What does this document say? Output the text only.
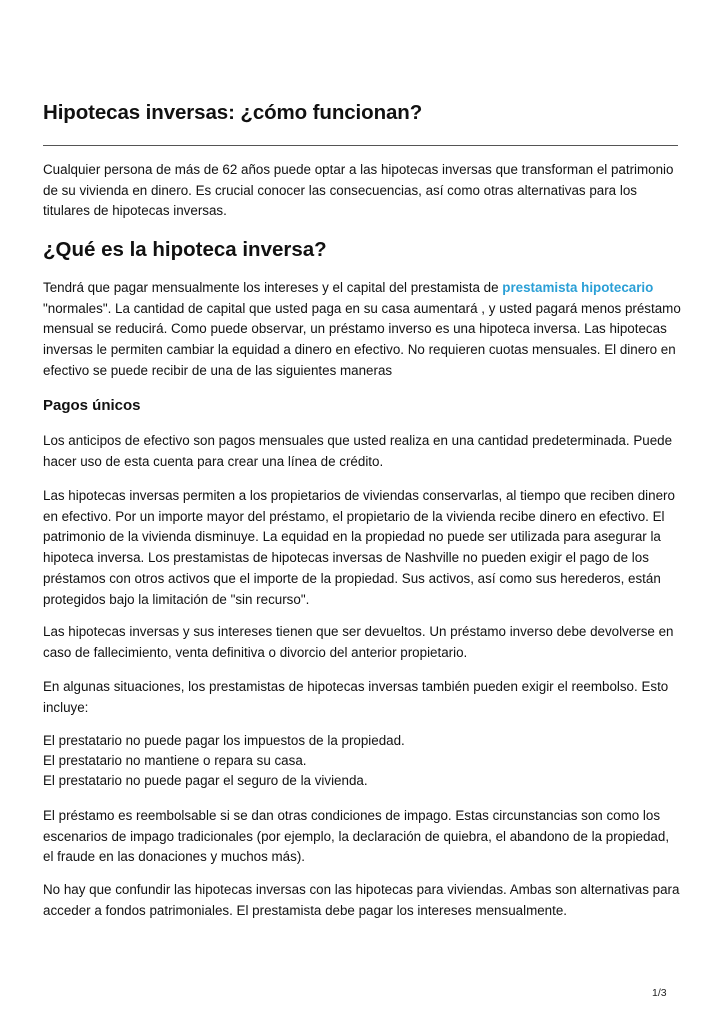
Hipotecas inversas: ¿cómo funcionan?

Cualquier persona de más de 62 años puede optar a las hipotecas inversas que transforman el patrimonio de su vivienda en dinero. Es crucial conocer las consecuencias, así como otras alternativas para los titulares de hipotecas inversas.

¿Qué es la hipoteca inversa?

Tendrá que pagar mensualmente los intereses y el capital del prestamista de prestamista hipotecario "normales". La cantidad de capital que usted paga en su casa aumentará , y usted pagará menos préstamo mensual se reducirá. Como puede observar, un préstamo inverso es una hipoteca inversa. Las hipotecas inversas le permiten cambiar la equidad a dinero en efectivo. No requieren cuotas mensuales. El dinero en efectivo se puede recibir de una de las siguientes maneras

Pagos únicos

Los anticipos de efectivo son pagos mensuales que usted realiza en una cantidad predeterminada. Puede hacer uso de esta cuenta para crear una línea de crédito.

Las hipotecas inversas permiten a los propietarios de viviendas conservarlas, al tiempo que reciben dinero en efectivo. Por un importe mayor del préstamo, el propietario de la vivienda recibe dinero en efectivo. El patrimonio de la vivienda disminuye. La equidad en la propiedad no puede ser utilizada para asegurar la hipoteca inversa. Los prestamistas de hipotecas inversas de Nashville no pueden exigir el pago de los préstamos con otros activos que el importe de la propiedad. Sus activos, así como sus herederos, están protegidos bajo la limitación de "sin recurso".

Las hipotecas inversas y sus intereses tienen que ser devueltos. Un préstamo inverso debe devolverse en caso de fallecimiento, venta definitiva o divorcio del anterior propietario.

En algunas situaciones, los prestamistas de hipotecas inversas también pueden exigir el reembolso. Esto incluye:

El prestatario no puede pagar los impuestos de la propiedad.

El prestatario no mantiene o repara su casa.

El prestatario no puede pagar el seguro de la vivienda.

El préstamo es reembolsable si se dan otras condiciones de impago. Estas circunstancias son como los escenarios de impago tradicionales (por ejemplo, la declaración de quiebra, el abandono de la propiedad, el fraude en las donaciones y muchos más).

No hay que confundir las hipotecas inversas con las hipotecas para viviendas. Ambas son alternativas para acceder a fondos patrimoniales. El prestamista debe pagar los intereses mensualmente.

1/3
